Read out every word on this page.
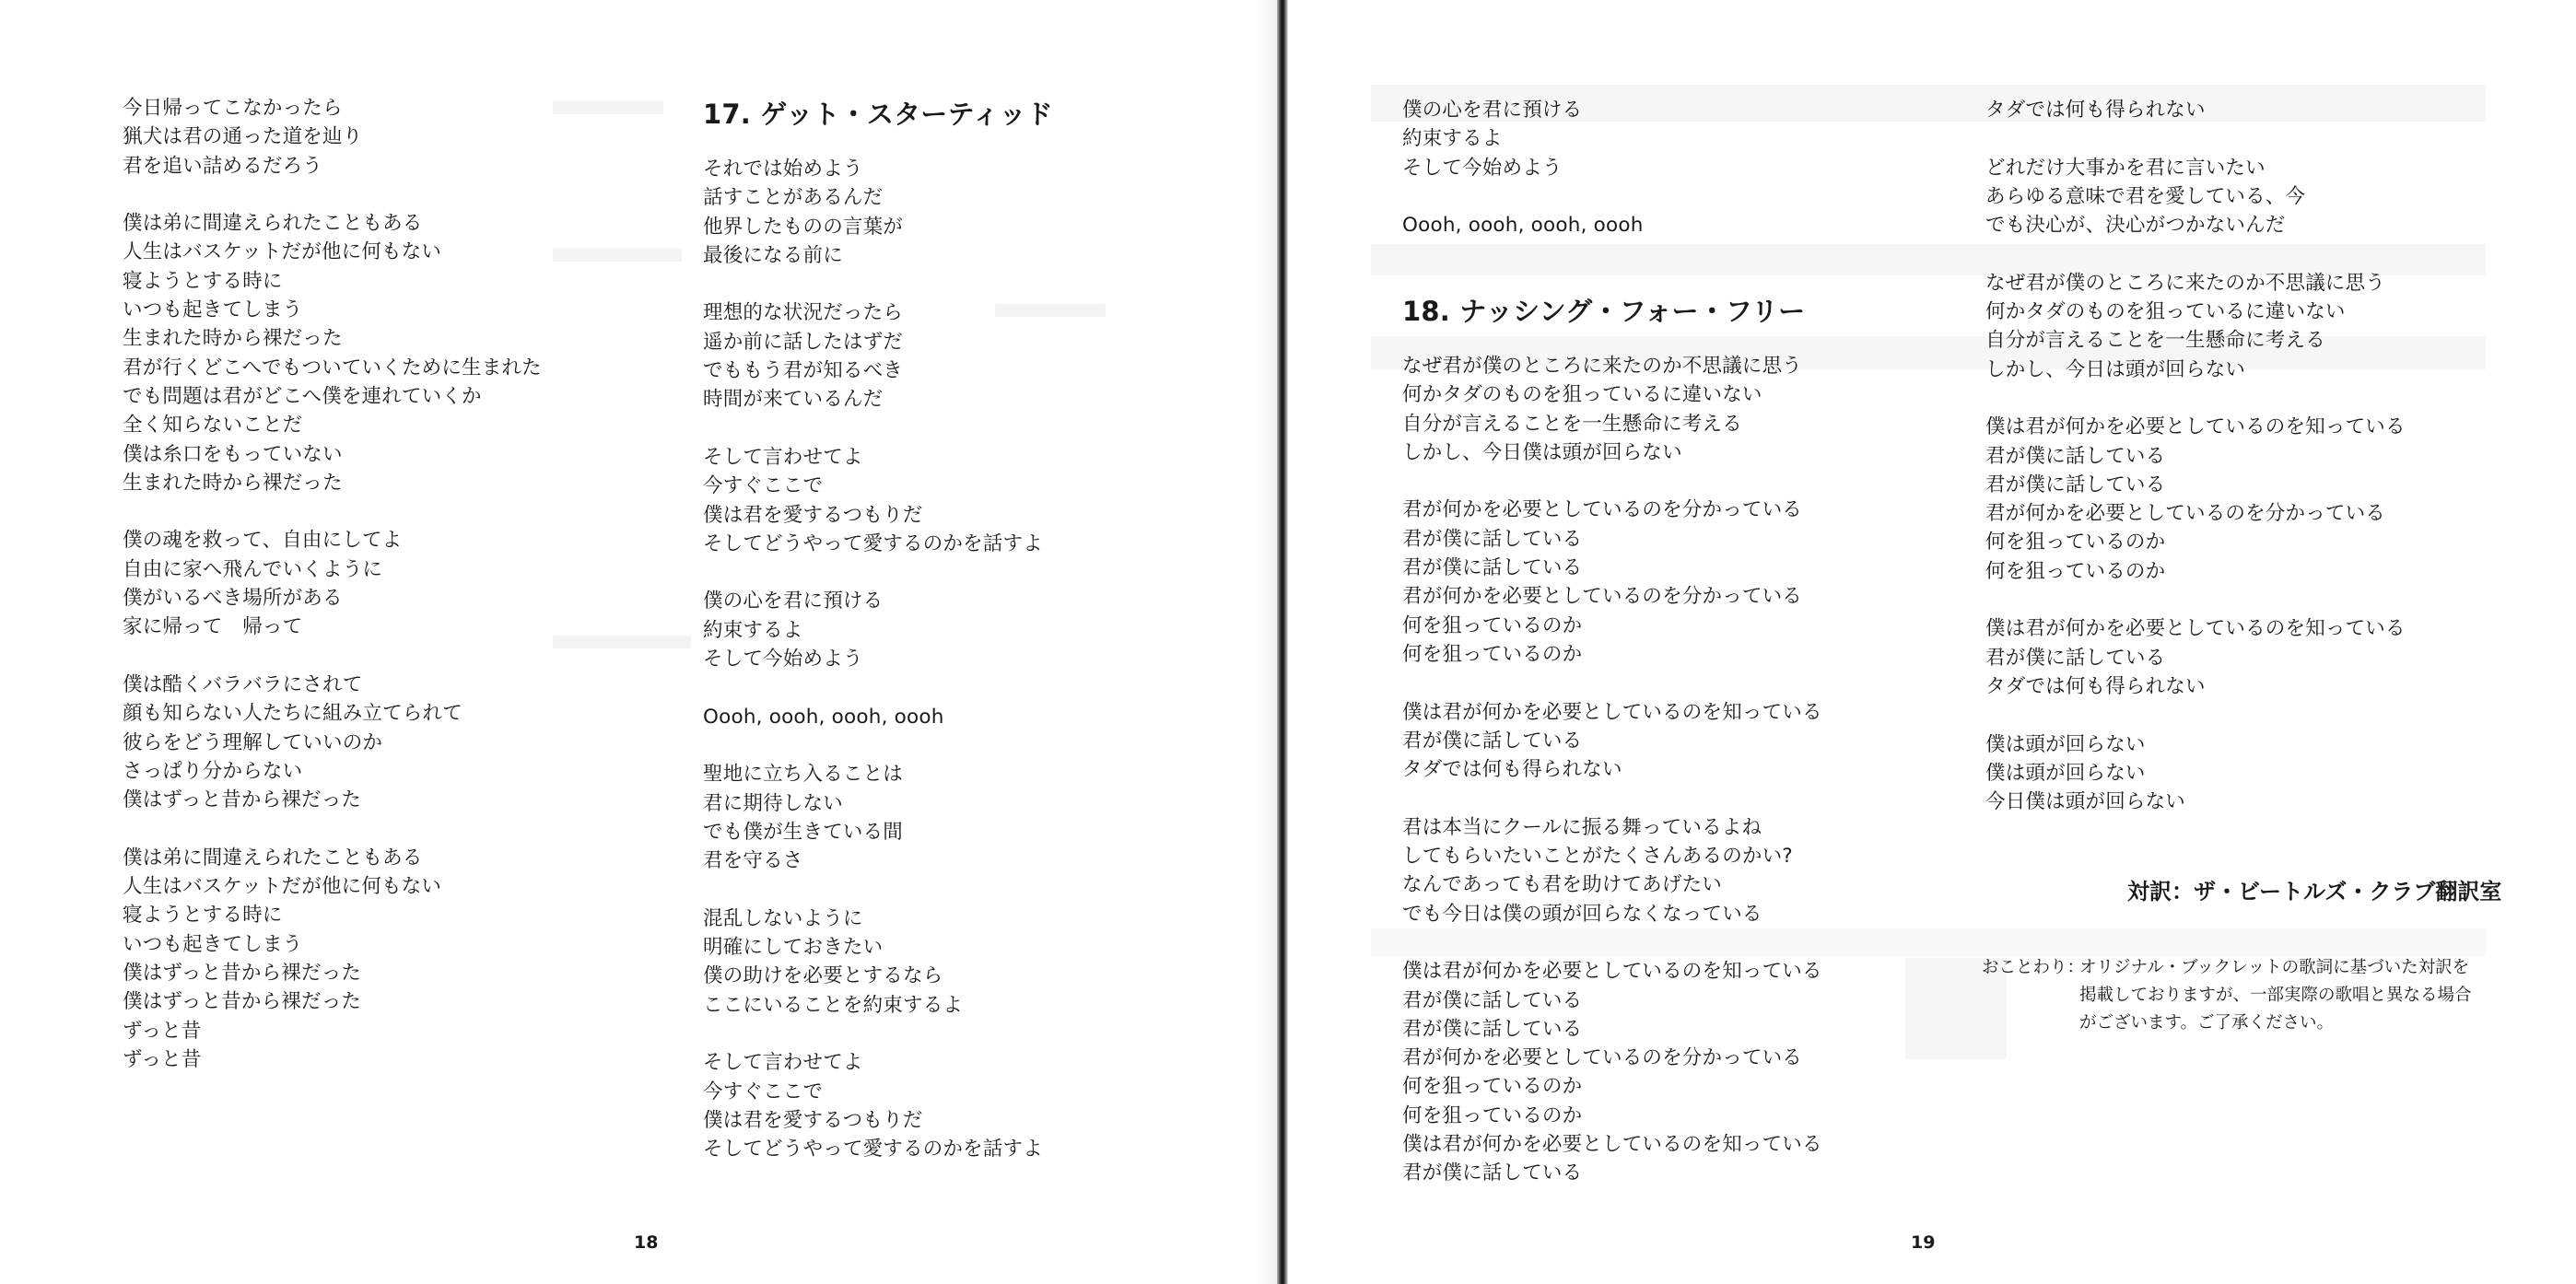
今日帰ってこなかったら
猟犬は君の通った道を辿り
君を追い詰めるだろう
僕は弟に間違えられたこともある
人生はバスケットだが他に何もない
寝ようとする時に
いつも起きてしまう
生まれた時から裸だった
君が行くどこへでもついていくために生まれた
でも問題は君がどこへ僕を連れていくか
全く知らないことだ
僕は糸口をもっていない
生まれた時から裸だった
僕の魂を救って、自由にしてよ
自由に家へ飛んでいくように
僕がいるべき場所がある
家に帰って　帰って
僕は酷くバラバラにされて
顔も知らない人たちに組み立てられて
彼らをどう理解していいのか
さっぱり分からない
僕はずっと昔から裸だった
僕は弟に間違えられたこともある
人生はバスケットだが他に何もない
寝ようとする時に
いつも起きてしまう
僕はずっと昔から裸だった
僕はずっと昔から裸だった
ずっと昔
ずっと昔
17. ゲット・スターティッド
それでは始めよう
話すことがあるんだ
他界したものの言葉が
最後になる前に
理想的な状況だったら
遥か前に話したはずだ
でももう君が知るべき
時間が来ているんだ
そして言わせてよ
今すぐここで
僕は君を愛するつもりだ
そしてどうやって愛するのかを話すよ
僕の心を君に預ける
約束するよ
そして今始めよう
Oooh, oooh, oooh, oooh
聖地に立ち入ることは
君に期待しない
でも僕が生きている間
君を守るさ
混乱しないように
明確にしておきたい
僕の助けを必要とするなら
ここにいることを約束するよ
そして言わせてよ
今すぐここで
僕は君を愛するつもりだ
そしてどうやって愛するのかを話すよ
18
僕の心を君に預ける
約束するよ
そして今始めよう
Oooh, oooh, oooh, oooh
18. ナッシング・フォー・フリー
なぜ君が僕のところに来たのか不思議に思う
何かタダのものを狙っているに違いない
自分が言えることを一生懸命に考える
しかし、今日僕は頭が回らない
君が何かを必要としているのを分かっている
君が僕に話している
君が僕に話している
君が何かを必要としているのを分かっている
何を狙っているのか
何を狙っているのか
僕は君が何かを必要としているのを知っている
君が僕に話している
タダでは何も得られない
君は本当にクールに振る舞っているよね
してもらいたいことがたくさんあるのかい?
なんであっても君を助けてあげたい
でも今日は僕の頭が回らなくなっている
僕は君が何かを必要としているのを知っている
君が僕に話している
君が僕に話している
君が何かを必要としているのを分かっている
何を狙っているのか
何を狙っているのか
僕は君が何かを必要としているのを知っている
君が僕に話している
タダでは何も得られない
どれだけ大事かを君に言いたい
あらゆる意味で君を愛している、今
でも決心が、決心がつかないんだ
なぜ君が僕のところに来たのか不思議に思う
何かタダのものを狙っているに違いない
自分が言えることを一生懸命に考える
しかし、今日は頭が回らない
僕は君が何かを必要としているのを知っている
君が僕に話している
君が僕に話している
君が何かを必要としているのを分かっている
何を狙っているのか
何を狙っているのか
僕は君が何かを必要としているのを知っている
君が僕に話している
タダでは何も得られない
僕は頭が回らない
僕は頭が回らない
今日僕は頭が回らない
対訳：ザ・ビートルズ・クラブ翻訳室
おことわり：
オリジナル・ブックレットの歌詞に基づいた対訳を掲載しておりますが、一部実際の歌唱と異なる場合がございます。ご了承ください。
19
